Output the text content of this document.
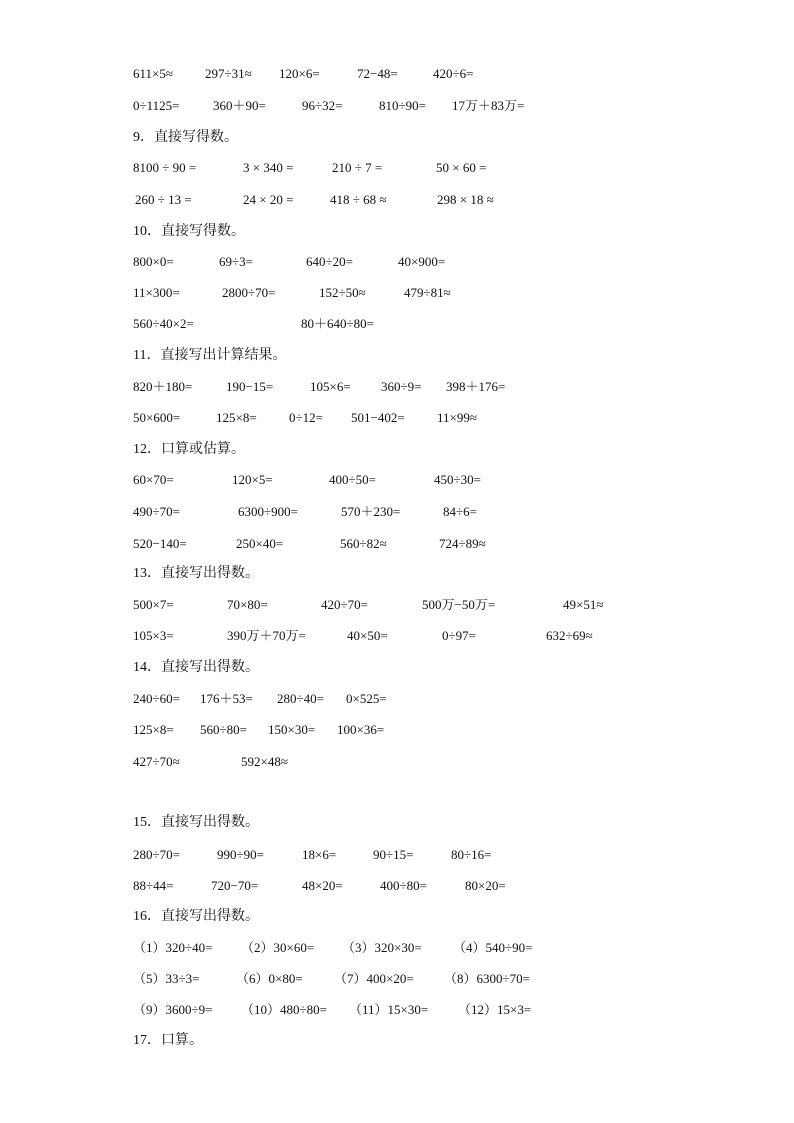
611×5≈ 297÷31≈ 120×6=	72−48=	420÷6=
0÷1125=	360＋90=	96÷32=	810÷90= 17万＋83万=
9．直接写得数。
8100 ÷ 90 =	3 × 340 =	210 ÷ 7 =	50 × 60 =
260 ÷ 13 =	24 × 20 =	418 ÷ 68 ≈	298 × 18 ≈
10．直接写得数。
800×0=	69÷3=	640÷20=	40×900=
11×300=	2800÷70=	152÷50≈	479÷81≈
560÷40×2=	80＋640÷80=
11．直接写出计算结果。
820＋180=	190−15=	105×6= 360÷9= 398＋176=
50×600=	125×8= 0÷12= 501−402= 11×99≈
12．口算或估算。
60×70=	120×5=	400÷50=	450÷30=
490÷70=	6300÷900=	570＋230=	84÷6=
520−140=	250×40=	560÷82≈	724÷89≈
13．直接写出得数。
500×7=	70×80=	420÷70=	500万−50万=	49×51≈
105×3=	390万＋70万=	40×50=	0÷97=	632÷69≈
14．直接写出得数。
240÷60= 176＋53= 280÷40= 0×525=
125×8= 560÷80= 150×30= 100×36=
427÷70≈	592×48≈
15．直接写出得数。
280÷70=	990÷90=	18×6=	90÷15=	80÷16=
88÷44=	720−70=	48×20=	400÷80=	80×20=
16．直接写出得数。
（1）320÷40= （2）30×60= （3）320×30= （4）540÷90=
（5）33÷3=	（6）0×80= （7）400×20= （8）6300÷70=
（9）3600÷9= （10）480÷80= （11）15×30= （12）15×3=
17．口算。
